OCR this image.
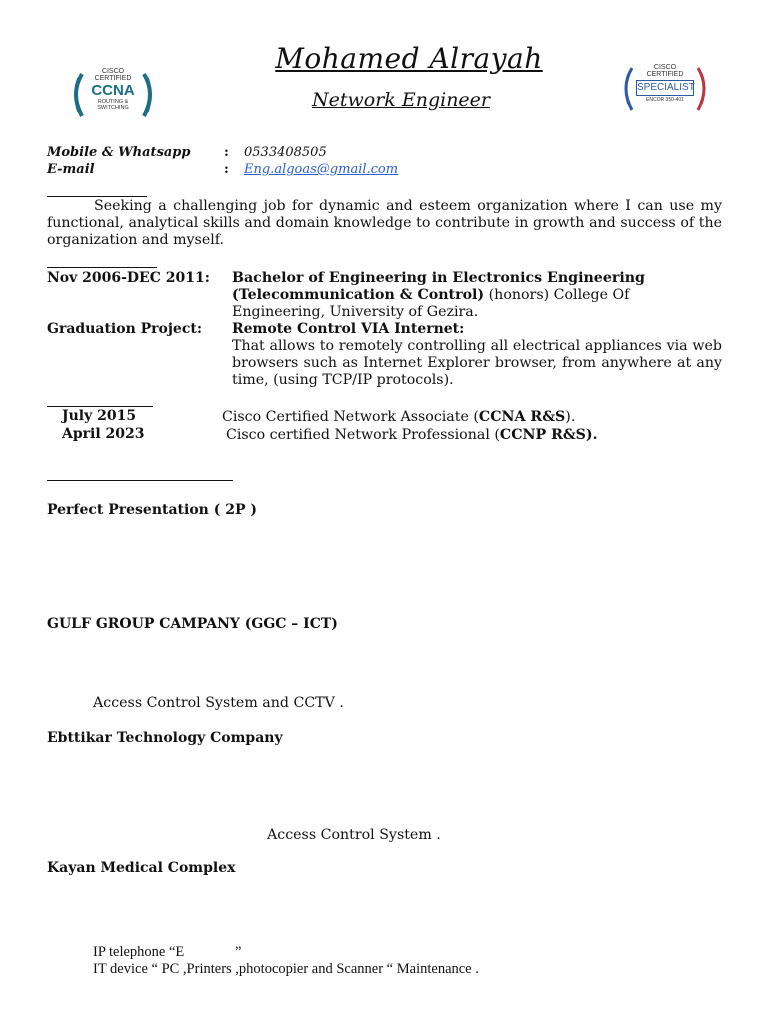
Mohamed Alrayah
Network Engineer
CISCO
CERTIFIED
CCNA
ROUTING &
SWITCHING
CISCO
CERTIFIED
SPECIALIST
ENCOR 350-401
Mobile & Whatsapp	: 0533408505
E-mail	: Eng.algoas@gmail.com
Seeking a challenging job for dynamic and esteem organization where I can use my functional, analytical skills and domain knowledge to contribute in growth and success of the organization and myself.
Nov 2006-DEC 2011: Bachelor of Engineering in Electronics Engineering (Telecommunication & Control) (honors) College Of Engineering, University of Gezira.
Graduation Project: Remote Control VIA Internet:
That allows to remotely controlling all electrical appliances via web browsers such as Internet Explorer browser, from anywhere at any time, (using TCP/IP protocols).
July 2015	Cisco Certified Network Associate (CCNA R&S).
April 2023	Cisco certified Network Professional (CCNP R&S).
Perfect Presentation ( 2P )
GULF GROUP CAMPANY (GGC – ICT)
Access Control System and CCTV .
Ebttikar Technology Company
Access Control System .
Kayan Medical Complex
IP telephone “E              ”
IT device “ PC ,Printers ,photocopier and Scanner “ Maintenance .
